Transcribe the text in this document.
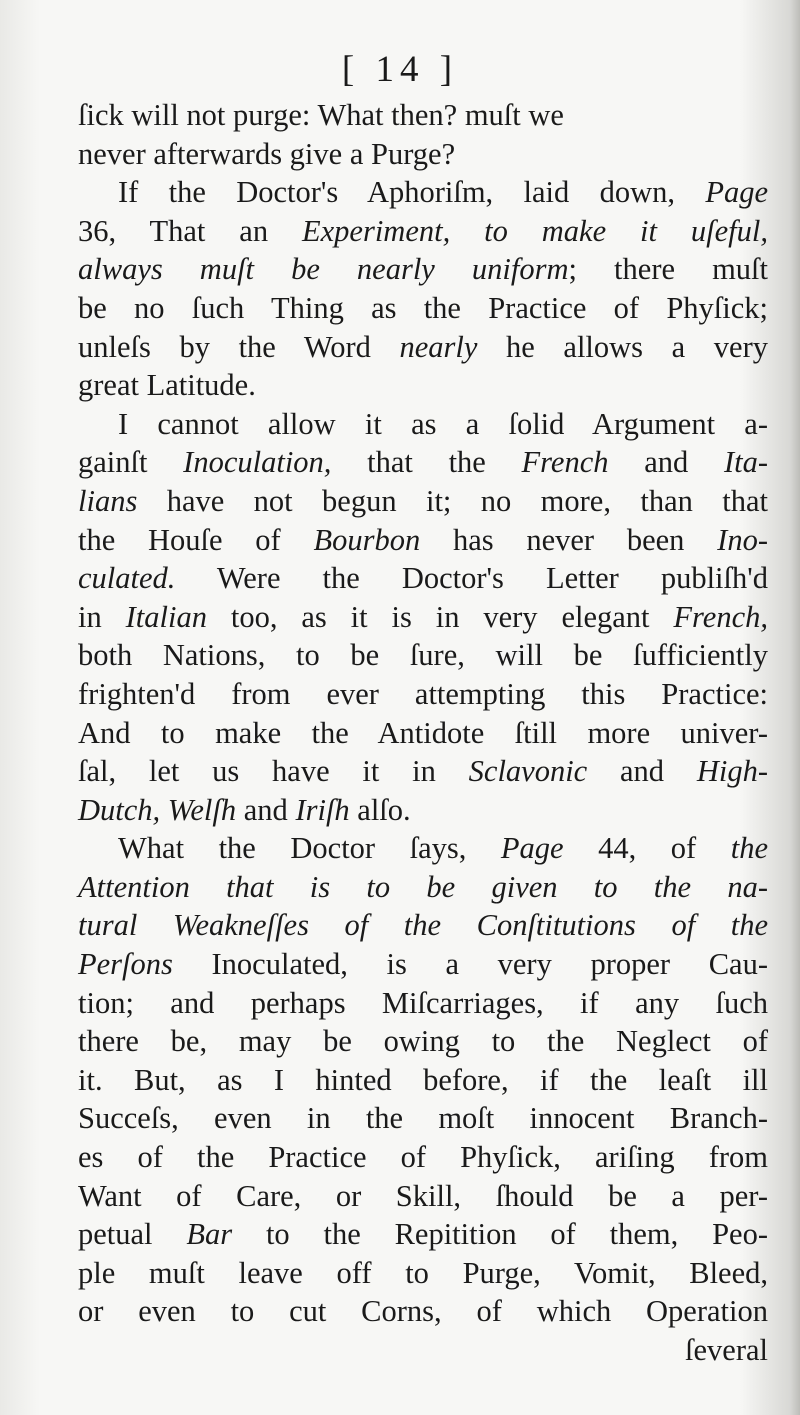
[ 14 ]
ſick will not purge: What then? muſt we
never afterwards give a Purge?
If the Doctor's Aphoriſm, laid down, Page
36, That an Experiment, to make it uſeful,
always muſt be nearly uniform; there muſt
be no ſuch Thing as the Practice of Phyſick;
unleſs by the Word nearly he allows a very
great Latitude.
I cannot allow it as a ſolid Argument a-
gainſt Inoculation, that the French and Ita-
lians have not begun it; no more, than that
the Houſe of Bourbon has never been Ino-
culated. Were the Doctor's Letter publiſh'd
in Italian too, as it is in very elegant French,
both Nations, to be ſure, will be ſufficiently
frighten'd from ever attempting this Practice:
And to make the Antidote ſtill more univer-
ſal, let us have it in Sclavonic and High-
Dutch, Welſh and Iriſh alſo.
What the Doctor ſays, Page 44, of the
Attention that is to be given to the na-
tural Weakneſſes of the Conſtitutions of the
Perſons Inoculated, is a very proper Cau-
tion; and perhaps Miſcarriages, if any ſuch
there be, may be owing to the Neglect of
it. But, as I hinted before, if the leaſt ill
Succeſs, even in the moſt innocent Branch-
es of the Practice of Phyſick, ariſing from
Want of Care, or Skill, ſhould be a per-
petual Bar to the Repitition of them, Peo-
ple muſt leave off to Purge, Vomit, Bleed,
or even to cut Corns, of which Operation
ſeveral
